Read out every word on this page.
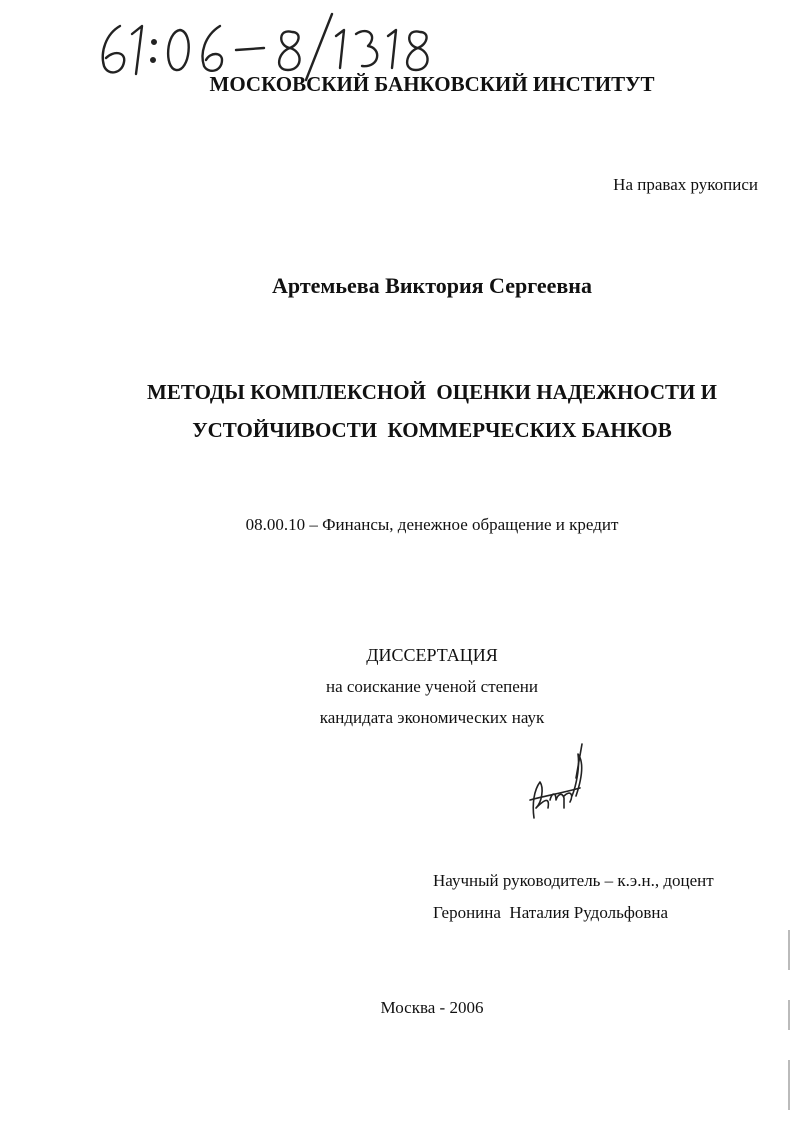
МОСКОВСКИЙ БАНКОВСКИЙ ИНСТИТУТ
На правах рукописи
Артемьева Виктория Сергеевна
МЕТОДЫ КОМПЛЕКСНОЙ  ОЦЕНКИ НАДЕЖНОСТИ И
УСТОЙЧИВОСТИ  КОММЕРЧЕСКИХ БАНКОВ
08.00.10 – Финансы, денежное обращение и кредит
ДИССЕРТАЦИЯ
на соискание ученой степени
кандидата экономических наук
Научный руководитель – к.э.н., доцент
Геронина  Наталия Рудольфовна
Москва - 2006
